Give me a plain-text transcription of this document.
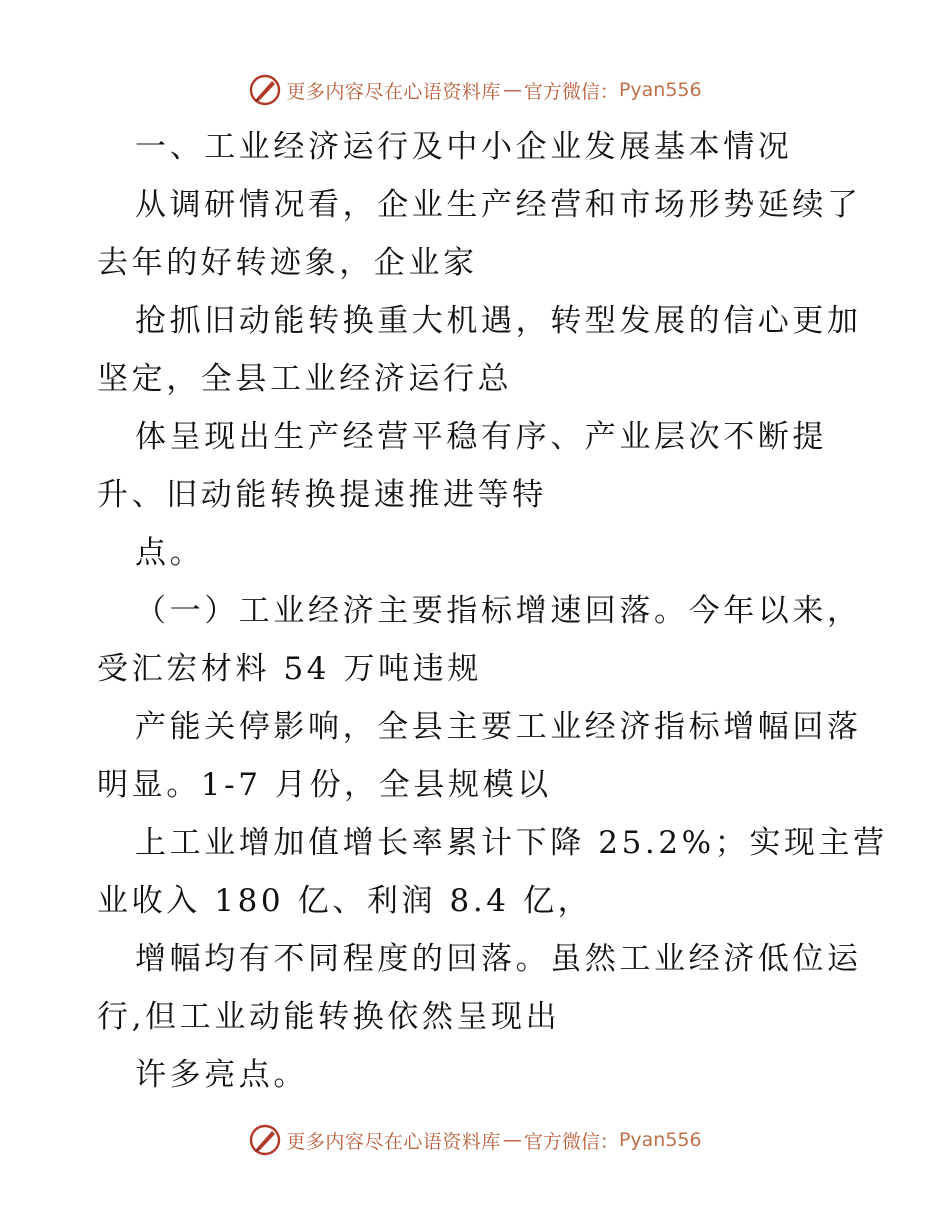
更多内容尽在心语资料库 — 官方微信： Pyan556
一、工业经济运行及中小企业发展基本情况
从调研情况看，企业生产经营和市场形势延续了
去年的好转迹象，企业家
抢抓旧动能转换重大机遇，转型发展的信心更加
坚定，全县工业经济运行总
体呈现出生产经营平稳有序、产业层次不断提
升、旧动能转换提速推进等特
点。
（一）工业经济主要指标增速回落。今年以来，
受汇宏材料 54 万吨违规
产能关停影响，全县主要工业经济指标增幅回落
明显。1-7 月份，全县规模以
上工业增加值增长率累计下降 25.2%；实现主营
业收入 180 亿、利润 8.4 亿，
增幅均有不同程度的回落。虽然工业经济低位运
行,但工业动能转换依然呈现出
许多亮点。
更多内容尽在心语资料库 — 官方微信： Pyan556
